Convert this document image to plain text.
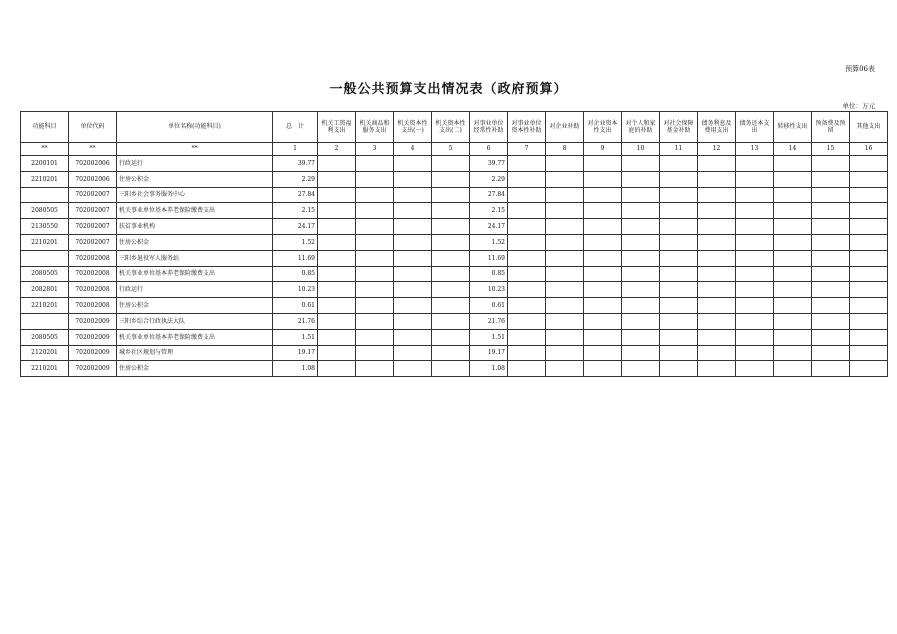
预算06表
一般公共预算支出情况表（政府预算）
单位：万元
功能科目	单位代码	单位名称(功能科目)	总　计	机关工资福利支出	机关商品和服务支出	机关资本性支出(一)	机关资本性支出(二)	对事业单位经常性补助	对事业单位资本性补助	对企业补助	对企业资本性支出	对个人和家庭的补助	对社会保障基金补助	债务利息及费用支出	债务还本支出	转移性支出	预备费及预留	其他支出
**	**	**	1	2	3	4	5	6	7	8	9	10	11	12	13	14	15	16
2200101	702002006	行政运行	39.77					39.77										
2210201	702002006	住房公积金	2.29					2.29										
	702002007	三阳乡社会事务服务中心	27.84					27.84										
2080505	702002007	机关事业单位基本养老保险缴费支出	2.15					2.15										
2130550	702002007	扶贫事业机构	24.17					24.17										
2210201	702002007	住房公积金	1.52					1.52										
	702002008	三阳乡退役军人服务站	11.69					11.69										
2080505	702002008	机关事业单位基本养老保险缴费支出	0.85					0.85										
2082801	702002008	行政运行	10.23					10.23										
2210201	702002008	住房公积金	0.61					0.61										
	702002009	三阳乡综合行政执法大队	21.76					21.76										
2080505	702002009	机关事业单位基本养老保险缴费支出	1.51					1.51										
2120201	702002009	城乡社区规划与管理	19.17					19.17										
2210201	702002009	住房公积金	1.08					1.08										
